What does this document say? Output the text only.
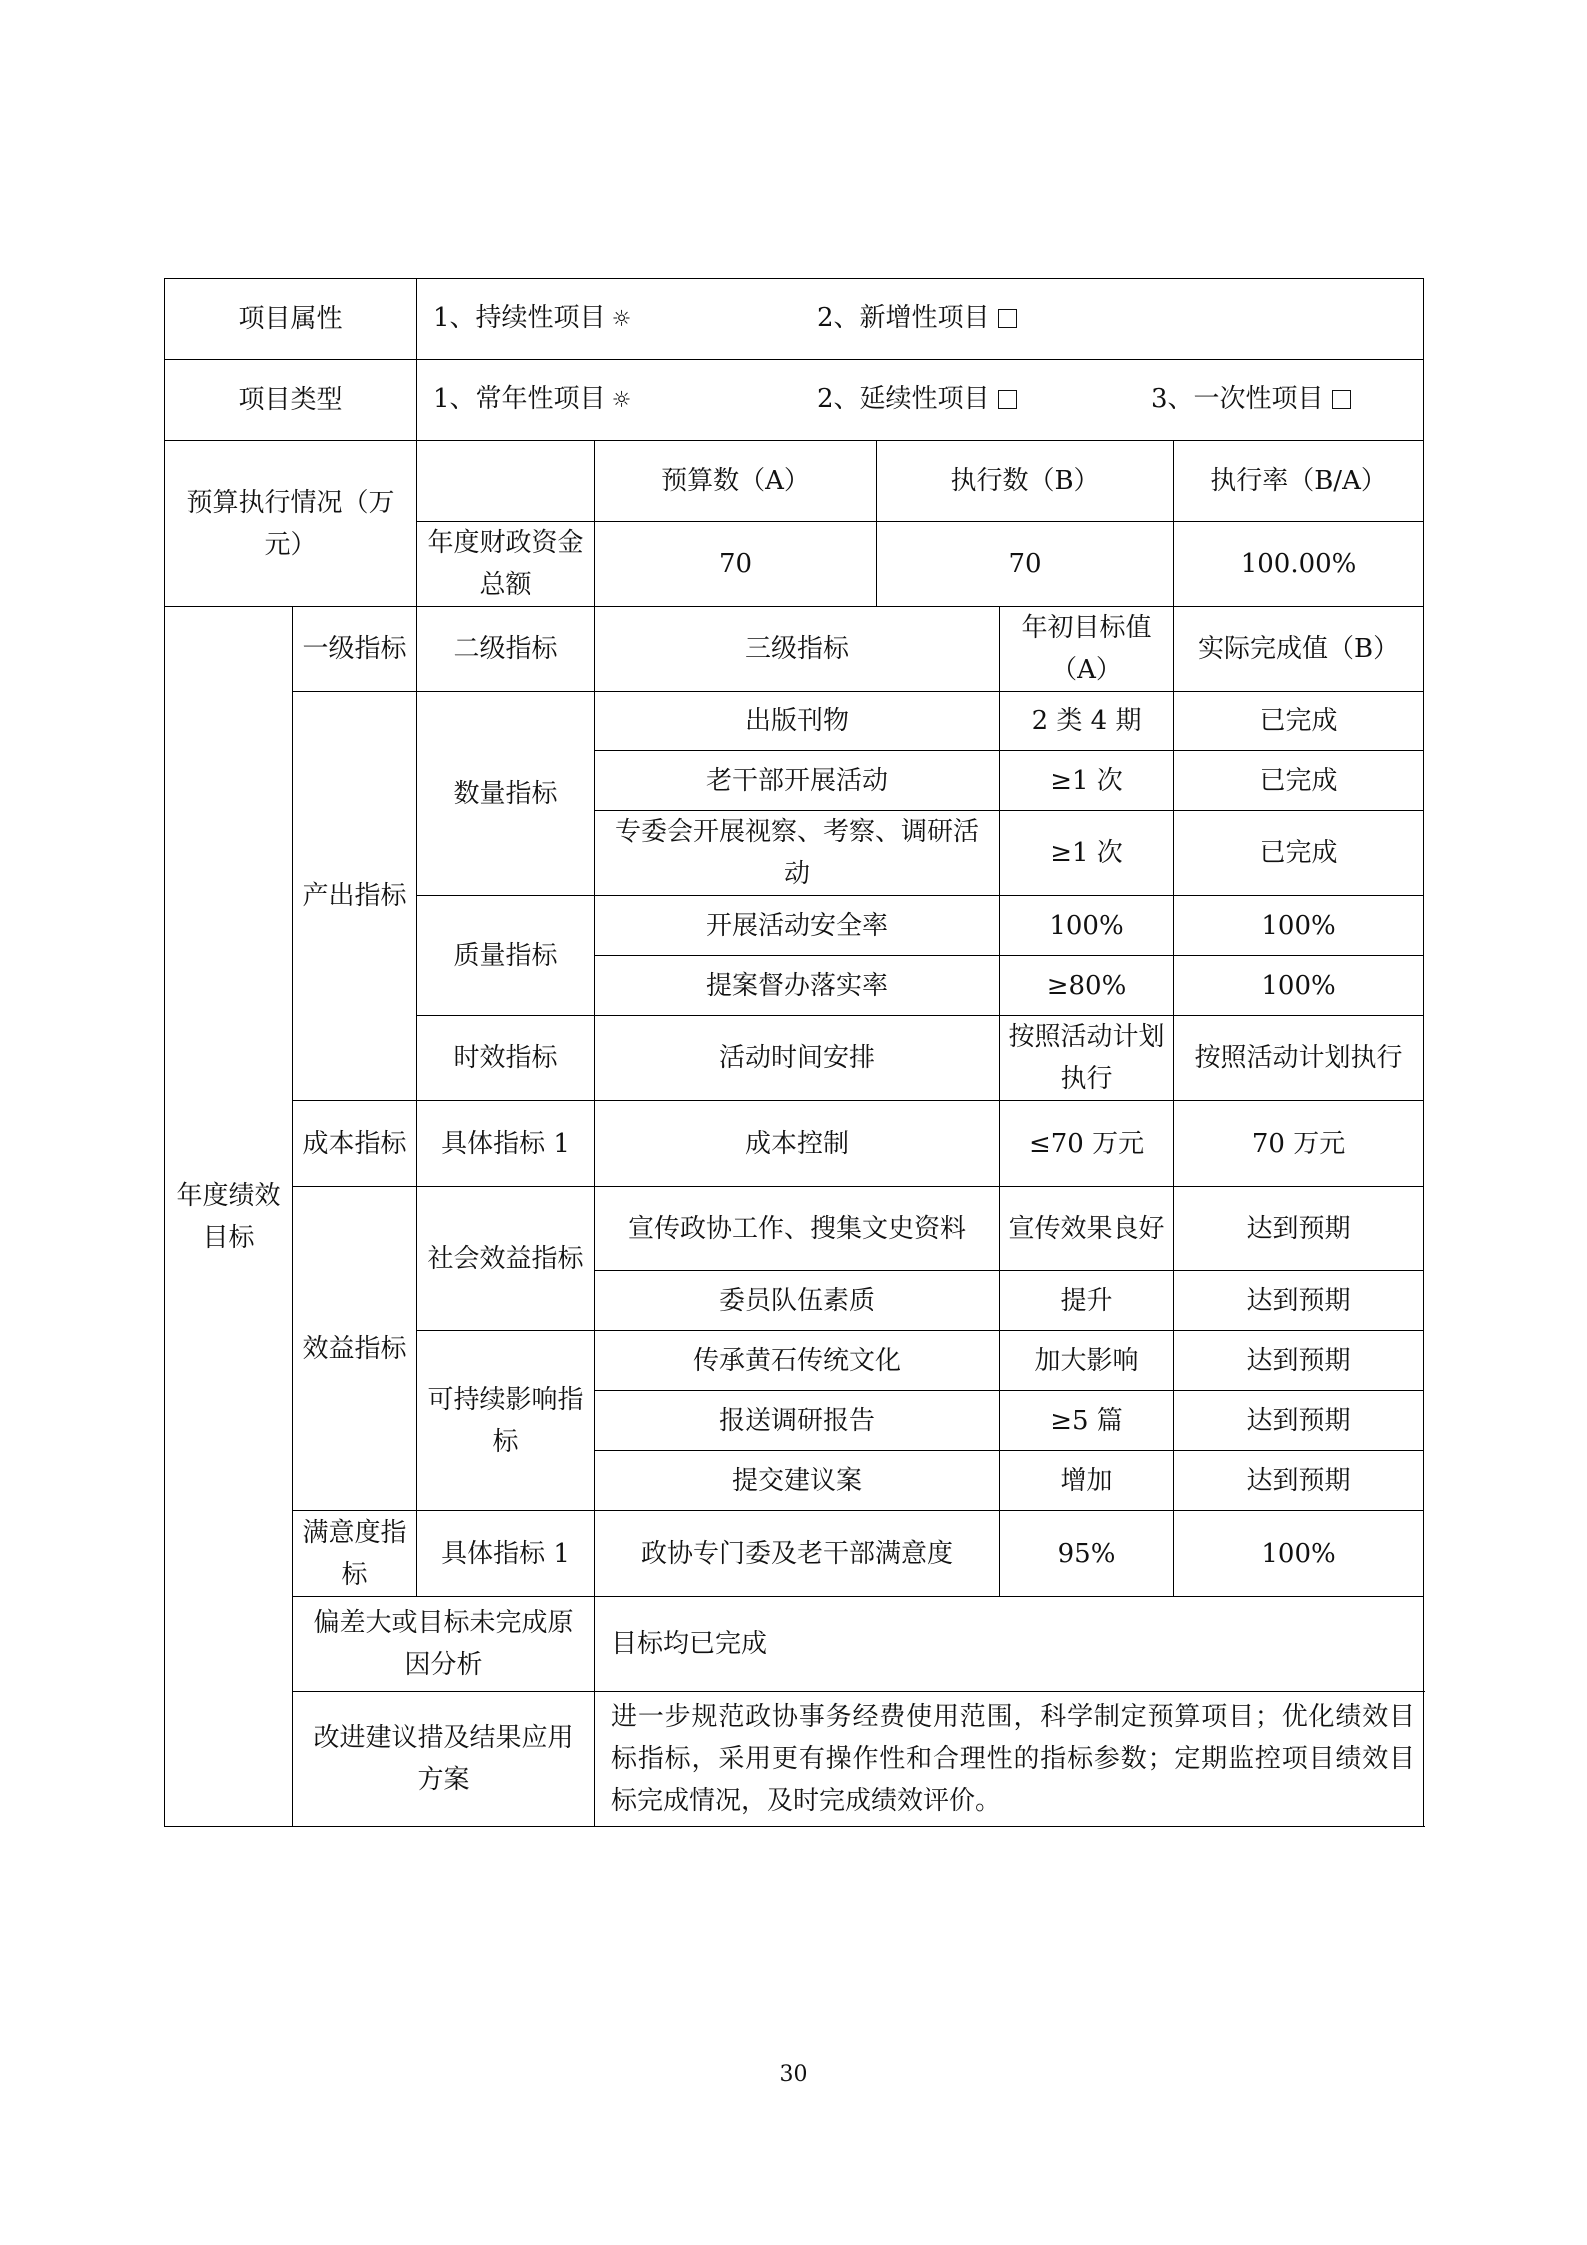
项目属性		1、持续性项目 ☼ 2、新增性项目				
项目类型		1、常年性项目 ☼ 2、延续性项目 3、一次性项目				
预算执行情况（万元）			预算数（A）	执行数（B）		执行率（B/A）
		年度财政资金总额	70	70		100.00%
年度绩效目标	一级指标	二级指标	三级指标		年初目标值（A）	实际完成值（B）
	产出指标	数量指标	出版刊物		2 类 4 期	已完成
			老干部开展活动		≥1 次	已完成
			专委会开展视察、考察、调研活动		≥1 次	已完成
		质量指标	开展活动安全率		100%	100%
			提案督办落实率		≥80%	100%
		时效指标	活动时间安排		按照活动计划执行	按照活动计划执行
	成本指标	具体指标 1	成本控制		≤70 万元	70 万元
	效益指标	社会效益指标	宣传政协工作、搜集文史资料		宣传效果良好	达到预期
			委员队伍素质		提升	达到预期
		可持续影响指标	传承黄石传统文化		加大影响	达到预期
			报送调研报告		≥5 篇	达到预期
			提交建议案		增加	达到预期
	满意度指标	具体指标 1	政协专门委及老干部满意度		95%	100%
	偏差大或目标未完成原因分析		目标均已完成			
	改进建议措及结果应用方案		进一步规范政协事务经费使用范围，科学制定预算项目；优化绩效目标指标，采用更有操作性和合理性的指标参数；定期监控项目绩效目标完成情况，及时完成绩效评价。			
30
